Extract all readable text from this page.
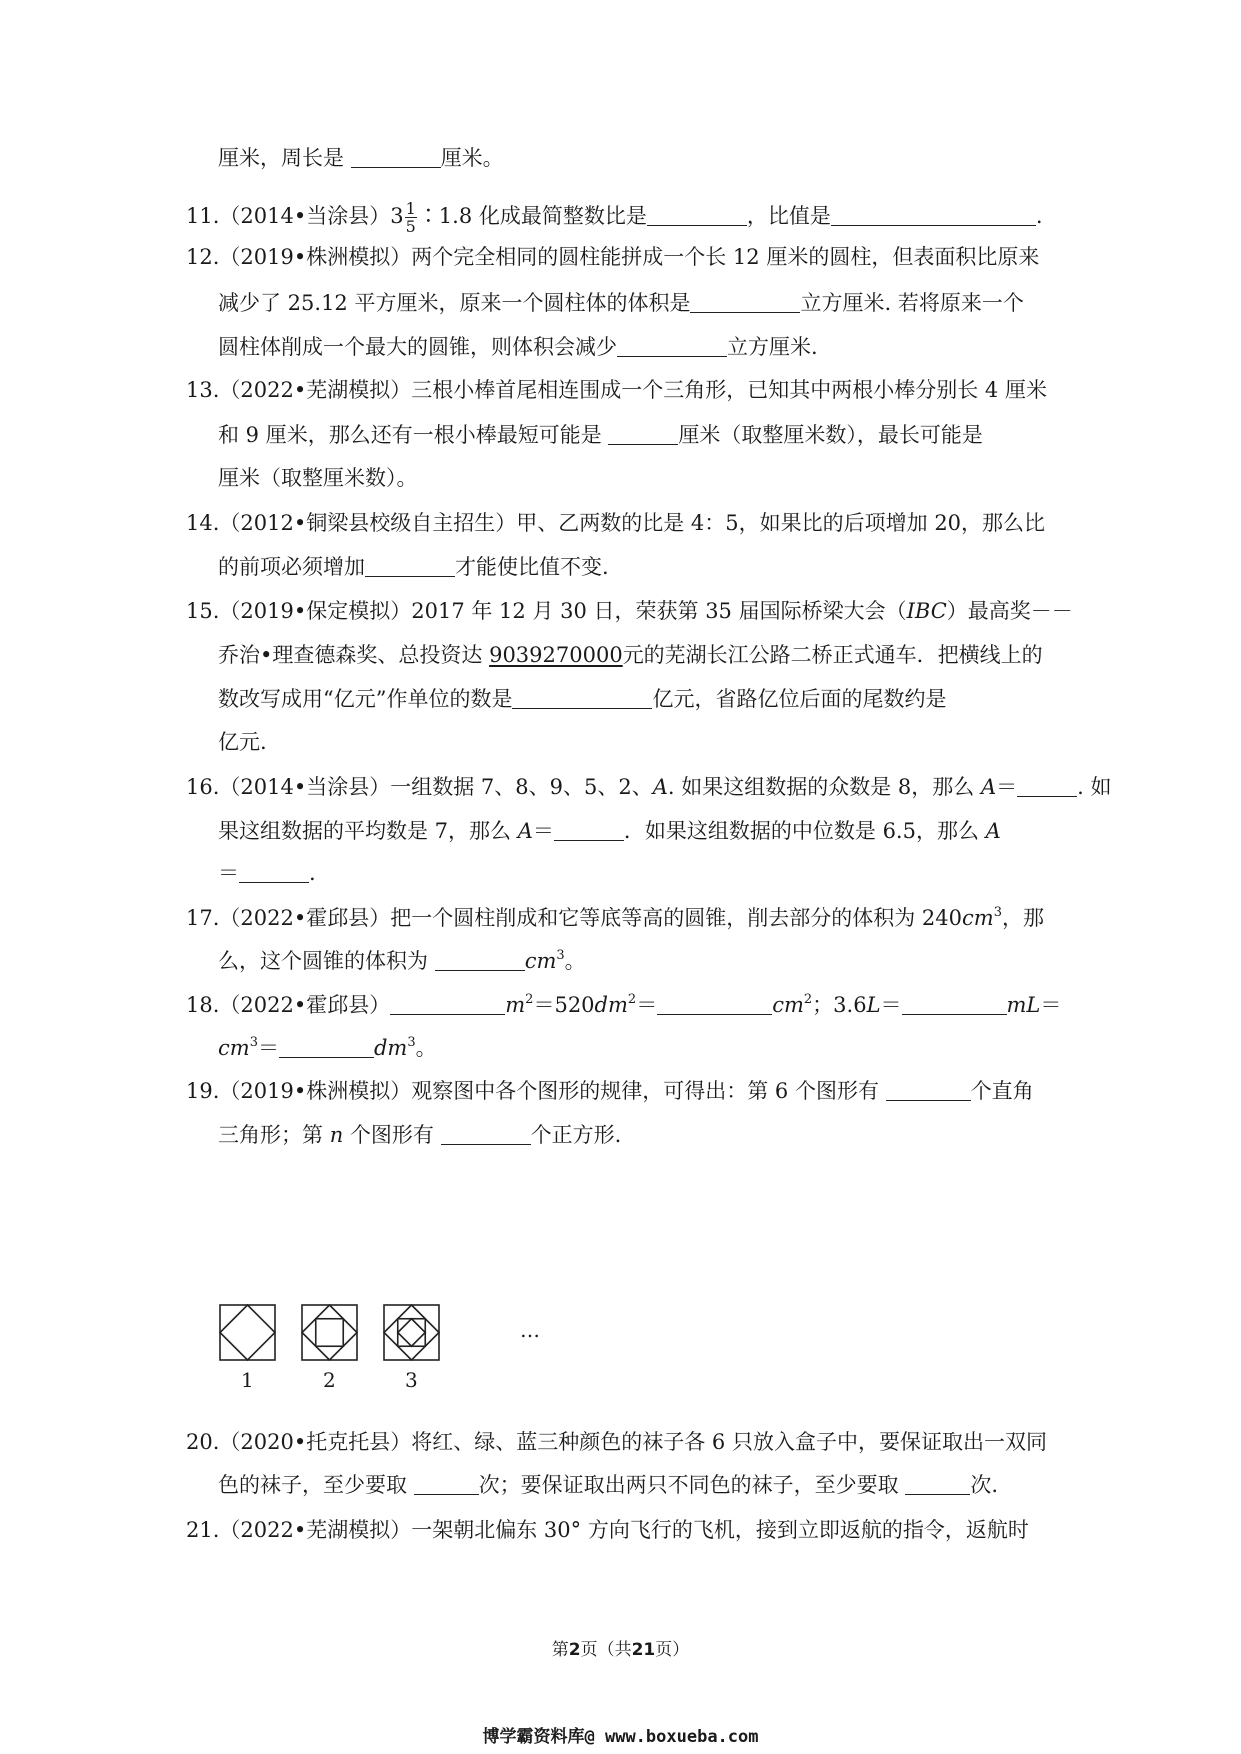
厘米，周长是	厘米。
11.（2014•当涂县）$3 \frac{1}{5}$ ∶1.8 化成最简整数比是	，比值是	.
12.（2019•株洲模拟）两个完全相同的圆柱能拼成一个长 12 厘米的圆柱，但表面积比原来
减少了 25.12 平方厘米，原来一个圆柱体的体积是	立方厘米. 若将原来一个
圆柱体削成一个最大的圆锥，则体积会减少	立方厘米.
13.（2022•芜湖模拟）三根小棒首尾相连围成一个三角形，已知其中两根小棒分别长 4 厘米
和 9 厘米，那么还有一根小棒最短可能是	厘米（取整厘米数），最长可能是
厘米（取整厘米数）。
14.（2012•铜梁县校级自主招生）甲、乙两数的比是 4：5，如果比的后项增加 20，那么比
的前项必须增加	才能使比值不变.
15.（2019•保定模拟）2017 年 12 月 30 日，荣获第 35 届国际桥梁大会（IBC）最高奖－－
乔治•理查德森奖、总投资达 9039270000元的芜湖长江公路二桥正式通车．把横线上的
数改写成用“亿元”作单位的数是	亿元，省路亿位后面的尾数约是
亿元.
16.（2014•当涂县）一组数据 7、8、9、5、2、A. 如果这组数据的众数是 8，那么 A＝	. 如
果这组数据的平均数是 7，那么 A＝	．如果这组数据的中位数是 6.5，那么 A
＝	.
17.（2022•霍邱县）把一个圆柱削成和它等底等高的圆锥，削去部分的体积为 $240cm^3$，那
么，这个圆锥的体积为	$cm^3$。
18.（2022•霍邱县）	$m^2=520dm^2=$	$cm^2$；3.6L＝	mL＝
$cm^3=$	$dm^3$。
19.（2019•株洲模拟）观察图中各个图形的规律，可得出：第 6 个图形有	个直角
三角形；第 n 个图形有	个正方形.
1	2	3
…
20.（2020•托克托县）将红、绿、蓝三种颜色的袜子各 6 只放入盒子中，要保证取出一双同
色的袜子，至少要取	次；要保证取出两只不同色的袜子，至少要取	次.
21.（2022•芜湖模拟）一架朝北偏东 30° 方向飞行的飞机，接到立即返航的指令，返航时
第2页（共21页）
博学霸资料库@ www.boxueba.com
